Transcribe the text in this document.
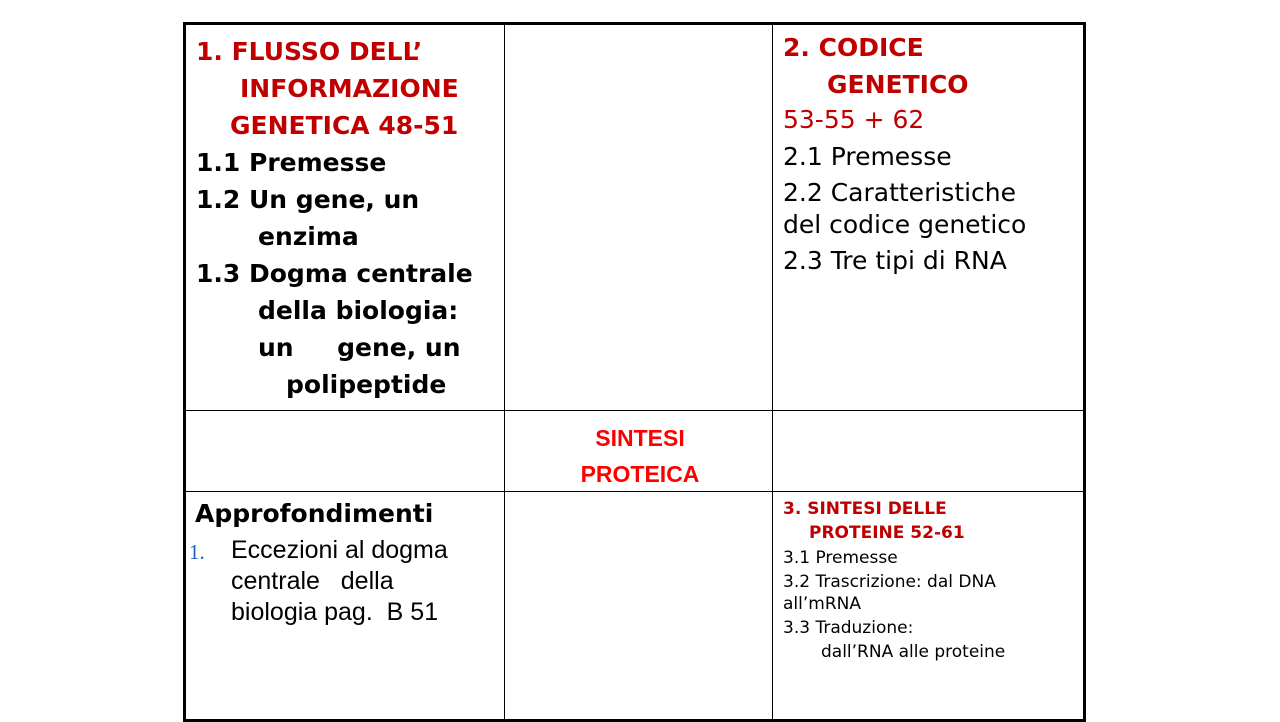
1. FLUSSO DELL’
INFORMAZIONE
GENETICA 48-51
1.1 Premesse
1.2 Un gene, un
enzima
1.3 Dogma centrale
della biologia:
un     gene, un
polipeptide
2. CODICE
GENETICO
53-55 + 62
2.1 Premesse
2.2 Caratteristiche
del codice genetico
2.3 Tre tipi di RNA
SINTESI
PROTEICA
Approfondimenti
1. Eccezioni al dogma
centrale   della
biologia pag.  B 51
3. SINTESI DELLE
PROTEINE 52-61
3.1 Premesse
3.2 Trascrizione: dal DNA
all’mRNA
3.3 Traduzione:
dall’RNA alle proteine
